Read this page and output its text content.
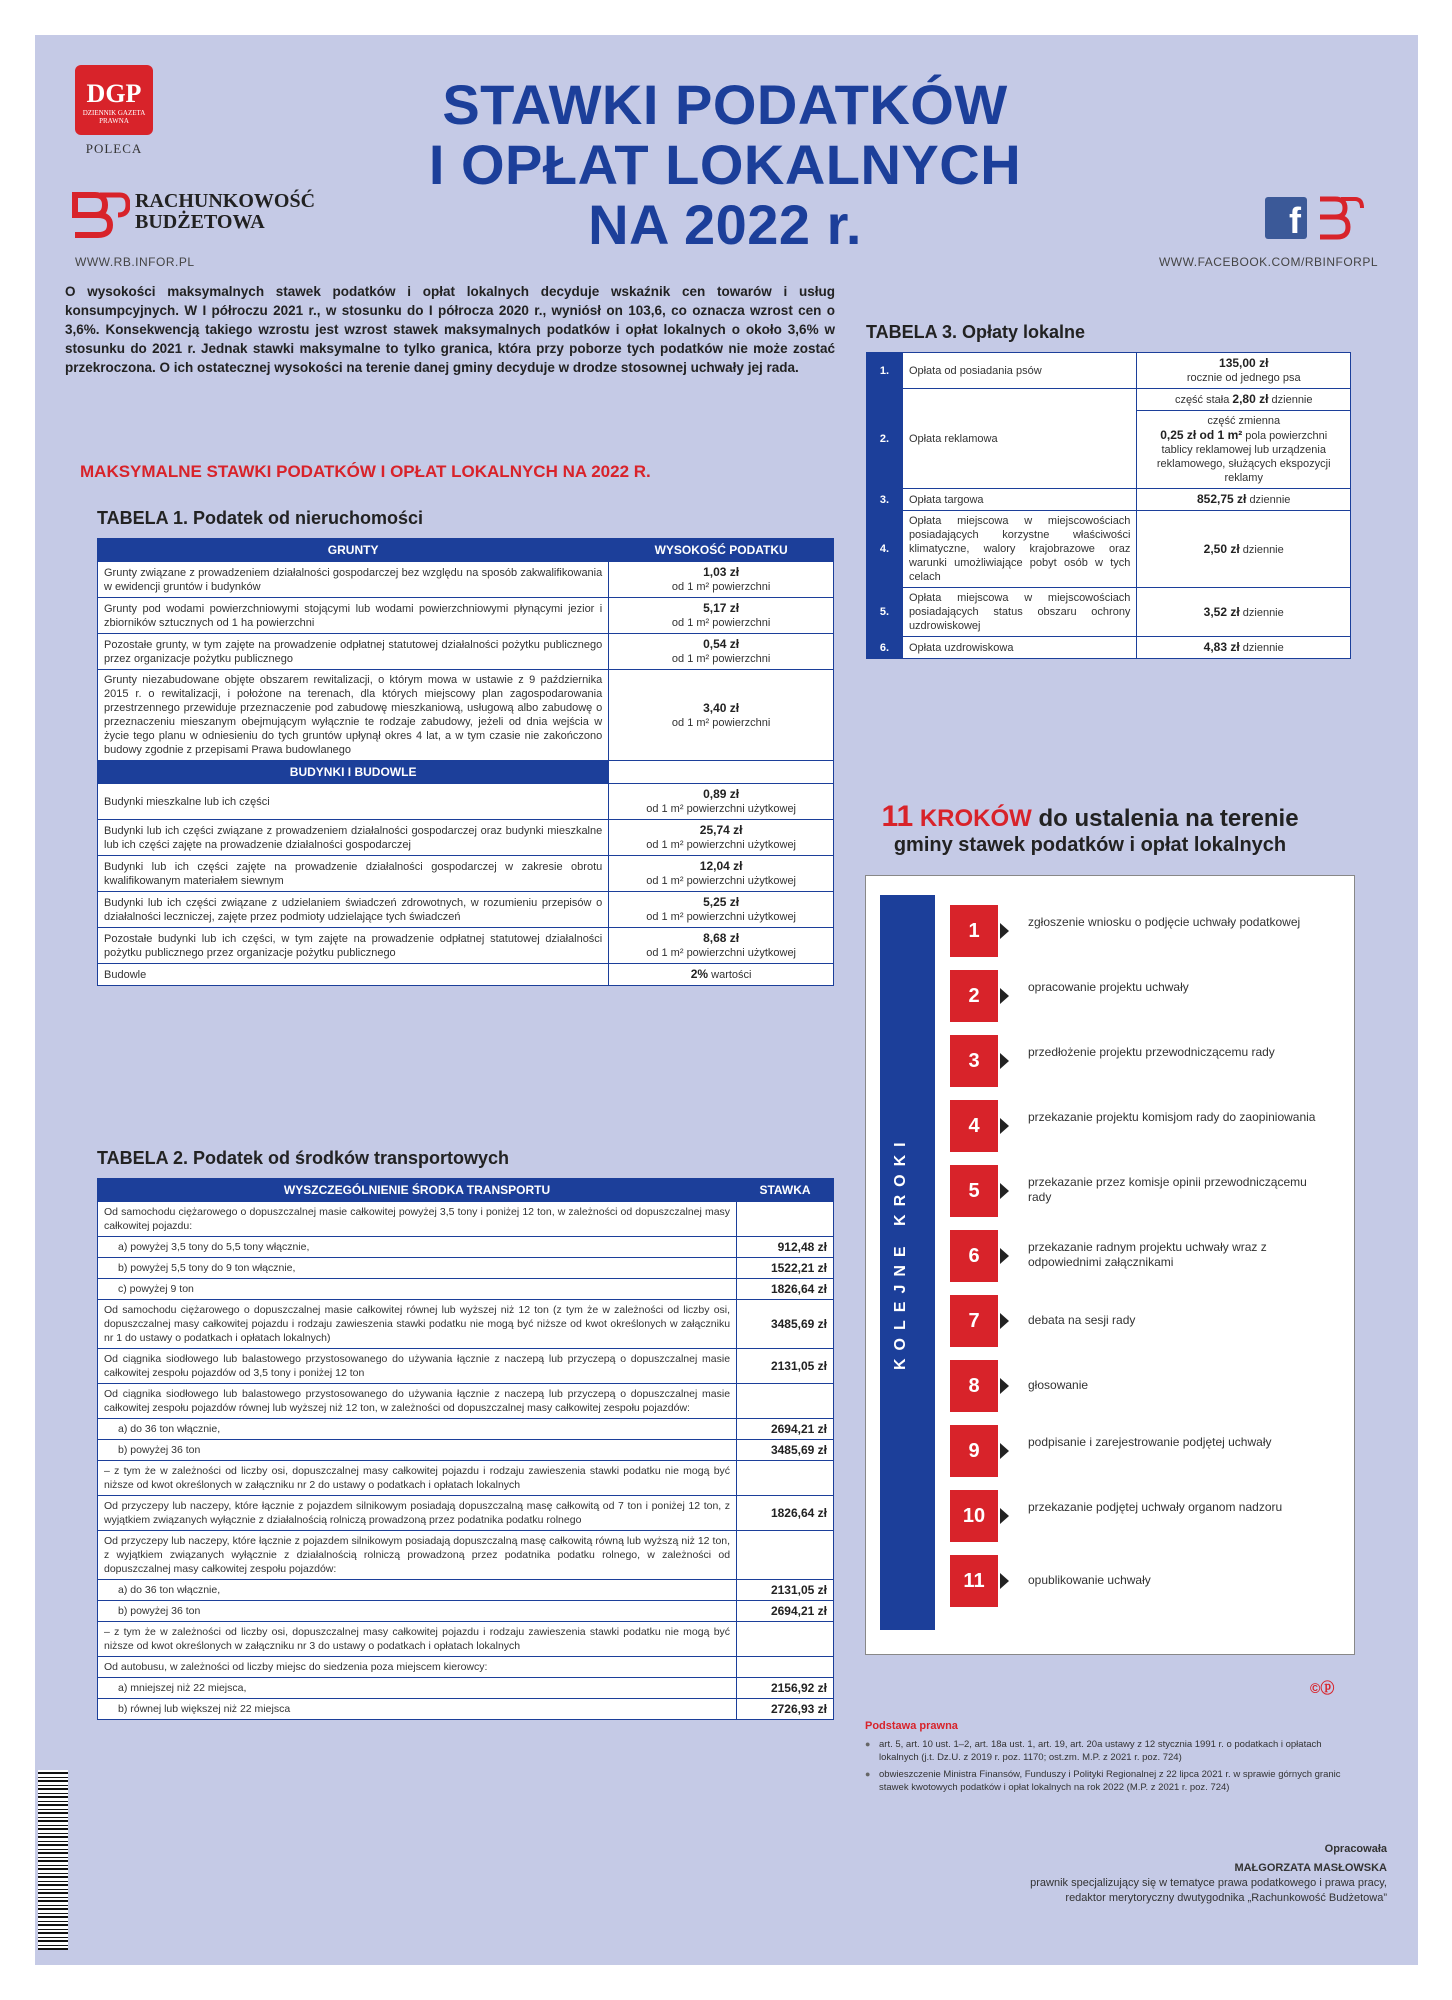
DGP
DZIENNIK GAZETA PRAWNA
POLECA
RACHUNKOWOŚĆ
BUDŻETOWA
WWW.RB.INFOR.PL
STAWKI PODATKÓW
I OPŁAT LOKALNYCH
NA 2022 r.	f
WWW.FACEBOOK.COM/RBINFORPL
O wysokości maksymalnych stawek podatków i opłat lokalnych decyduje wskaźnik cen towarów i usług konsumpcyjnych. W I półroczu 2021 r., w stosunku do I półrocza 2020 r., wyniósł on 103,6, co oznacza wzrost cen o 3,6%. Konsekwencją takiego wzrostu jest wzrost stawek maksymalnych podatków i opłat lokalnych o około 3,6% w stosunku do 2021 r. Jednak stawki maksymalne to tylko granica, która przy poborze tych podatków nie może zostać przekroczona. O ich ostatecznej wysokości na terenie danej gminy decyduje w drodze stosownej uchwały jej rada.
MAKSYMALNE STAWKI PODATKÓW I OPŁAT LOKALNYCH NA 2022 R.
TABELA 1. Podatek od nieruchomości
GRUNTY	WYSOKOŚĆ PODATKU
Grunty związane z prowadzeniem działalności gospodarczej bez względu na sposób zakwalifikowania w ewidencji gruntów i budynków	1,03 zł
od 1 m² powierzchni
Grunty pod wodami powierzchniowymi stojącymi lub wodami powierzchniowymi płynącymi jezior i zbiorników sztucznych od 1 ha powierzchni	5,17 zł
od 1 m² powierzchni
Pozostałe grunty, w tym zajęte na prowadzenie odpłatnej statutowej działalności pożytku publicznego przez organizacje pożytku publicznego	0,54 zł
od 1 m² powierzchni
Grunty niezabudowane objęte obszarem rewitalizacji, o którym mowa w ustawie z 9 października 2015 r. o rewitalizacji, i położone na terenach, dla których miejscowy plan zagospodarowania przestrzennego przewiduje przeznaczenie pod zabudowę mieszkaniową, usługową albo zabudowę o przeznaczeniu mieszanym obejmującym wyłącznie te rodzaje zabudowy, jeżeli od dnia wejścia w życie tego planu w odniesieniu do tych gruntów upłynął okres 4 lat, a w tym czasie nie zakończono budowy zgodnie z przepisami Prawa budowlanego	3,40 zł
od 1 m² powierzchni
BUDYNKI I BUDOWLE	
Budynki mieszkalne lub ich części	0,89 zł
od 1 m² powierzchni użytkowej
Budynki lub ich części związane z prowadzeniem działalności gospodarczej oraz budynki mieszkalne lub ich części zajęte na prowadzenie działalności gospodarczej	25,74 zł
od 1 m² powierzchni użytkowej
Budynki lub ich części zajęte na prowadzenie działalności gospodarczej w zakresie obrotu kwalifikowanym materiałem siewnym	12,04 zł
od 1 m² powierzchni użytkowej
Budynki lub ich części związane z udzielaniem świadczeń zdrowotnych, w rozumieniu przepisów o działalności leczniczej, zajęte przez podmioty udzielające tych świadczeń	5,25 zł
od 1 m² powierzchni użytkowej
Pozostałe budynki lub ich części, w tym zajęte na prowadzenie odpłatnej statutowej działalności pożytku publicznego przez organizacje pożytku publicznego	8,68 zł
od 1 m² powierzchni użytkowej
Budowle	2% wartości
TABELA 2. Podatek od środków transportowych
WYSZCZEGÓLNIENIE ŚRODKA TRANSPORTU	STAWKA
Od samochodu ciężarowego o dopuszczalnej masie całkowitej powyżej 3,5 tony i poniżej 12 ton, w zależności od dopuszczalnej masy całkowitej pojazdu:	
a) powyżej 3,5 tony do 5,5 tony włącznie,	912,48 zł
b) powyżej 5,5 tony do 9 ton włącznie,	1522,21 zł
c) powyżej 9 ton	1826,64 zł
Od samochodu ciężarowego o dopuszczalnej masie całkowitej równej lub wyższej niż 12 ton (z tym że w zależności od liczby osi, dopuszczalnej masy całkowitej pojazdu i rodzaju zawieszenia stawki podatku nie mogą być niższe od kwot określonych w załączniku nr 1 do ustawy o podatkach i opłatach lokalnych)	3485,69 zł
Od ciągnika siodłowego lub balastowego przystosowanego do używania łącznie z naczepą lub przyczepą o dopuszczalnej masie całkowitej zespołu pojazdów od 3,5 tony i poniżej 12 ton	2131,05 zł
Od ciągnika siodłowego lub balastowego przystosowanego do używania łącznie z naczepą lub przyczepą o dopuszczalnej masie całkowitej zespołu pojazdów równej lub wyższej niż 12 ton, w zależności od dopuszczalnej masy całkowitej zespołu pojazdów:	
a) do 36 ton włącznie,	2694,21 zł
b) powyżej 36 ton	3485,69 zł
– z tym że w zależności od liczby osi, dopuszczalnej masy całkowitej pojazdu i rodzaju zawieszenia stawki podatku nie mogą być niższe od kwot określonych w załączniku nr 2 do ustawy o podatkach i opłatach lokalnych	
Od przyczepy lub naczepy, które łącznie z pojazdem silnikowym posiadają dopuszczalną masę całkowitą od 7 ton i poniżej 12 ton, z wyjątkiem związanych wyłącznie z działalnością rolniczą prowadzoną przez podatnika podatku rolnego	1826,64 zł
Od przyczepy lub naczepy, które łącznie z pojazdem silnikowym posiadają dopuszczalną masę całkowitą równą lub wyższą niż 12 ton, z wyjątkiem związanych wyłącznie z działalnością rolniczą prowadzoną przez podatnika podatku rolnego, w zależności od dopuszczalnej masy całkowitej zespołu pojazdów:	
a) do 36 ton włącznie,	2131,05 zł
b) powyżej 36 ton	2694,21 zł
– z tym że w zależności od liczby osi, dopuszczalnej masy całkowitej pojazdu i rodzaju zawieszenia stawki podatku nie mogą być niższe od kwot określonych w załączniku nr 3 do ustawy o podatkach i opłatach lokalnych	
Od autobusu, w zależności od liczby miejsc do siedzenia poza miejscem kierowcy:	
a) mniejszej niż 22 miejsca,	2156,92 zł
b) równej lub większej niż 22 miejsca	2726,93 zł
TABELA 3. Opłaty lokalne
1.	Opłata od posiadania psów	135,00 zł
rocznie od jednego psa
2.	Opłata reklamowa	część stała 2,80 zł dziennie
		część zmienna
0,25 zł od 1 m² pola powierzchni tablicy reklamowej lub urządzenia reklamowego, służących ekspozycji reklamy
3.	Opłata targowa	852,75 zł dziennie
4.	Opłata miejscowa w miejscowościach posiadających korzystne właściwości klimatyczne, walory krajobrazowe oraz warunki umożliwiające pobyt osób w tych celach	2,50 zł dziennie
5.	Opłata miejscowa w miejscowościach posiadających status obszaru ochrony uzdrowiskowej	3,52 zł dziennie
6.	Opłata uzdrowiskowa	4,83 zł dziennie
11 KROKÓW do ustalenia na terenie
gminy stawek podatków i opłat lokalnych
KOLEJNE KROKI
1	zgłoszenie wniosku o podjęcie uchwały podatkowej
2	opracowanie projektu uchwały
3	przedłożenie projektu przewodniczącemu rady
4	przekazanie projektu komisjom rady do zaopiniowania
5	przekazanie przez komisje opinii przewodniczącemu rady
6	przekazanie radnym projektu uchwały wraz z odpowiednimi załącznikami
7	debata na sesji rady
8	głosowanie
9	podpisanie i zarejestrowanie podjętej uchwały
10	przekazanie podjętej uchwały organom nadzoru
11	opublikowanie uchwały
©ⓟ
Podstawa prawna
● art. 5, art. 10 ust. 1–2, art. 18a ust. 1, art. 19, art. 20a ustawy z 12 stycznia 1991 r. o podatkach i opłatach lokalnych (j.t. Dz.U. z 2019 r. poz. 1170; ost.zm. M.P. z 2021 r. poz. 724)
● obwieszczenie Ministra Finansów, Funduszy i Polityki Regionalnej z 22 lipca 2021 r. w sprawie górnych granic stawek kwotowych podatków i opłat lokalnych na rok 2022 (M.P. z 2021 r. poz. 724)
Opracowała
MAŁGORZATA MASŁOWSKA
prawnik specjalizujący się w tematyce prawa podatkowego i prawa pracy,
redaktor merytoryczny dwutygodnika „Rachunkowość Budżetowa”
